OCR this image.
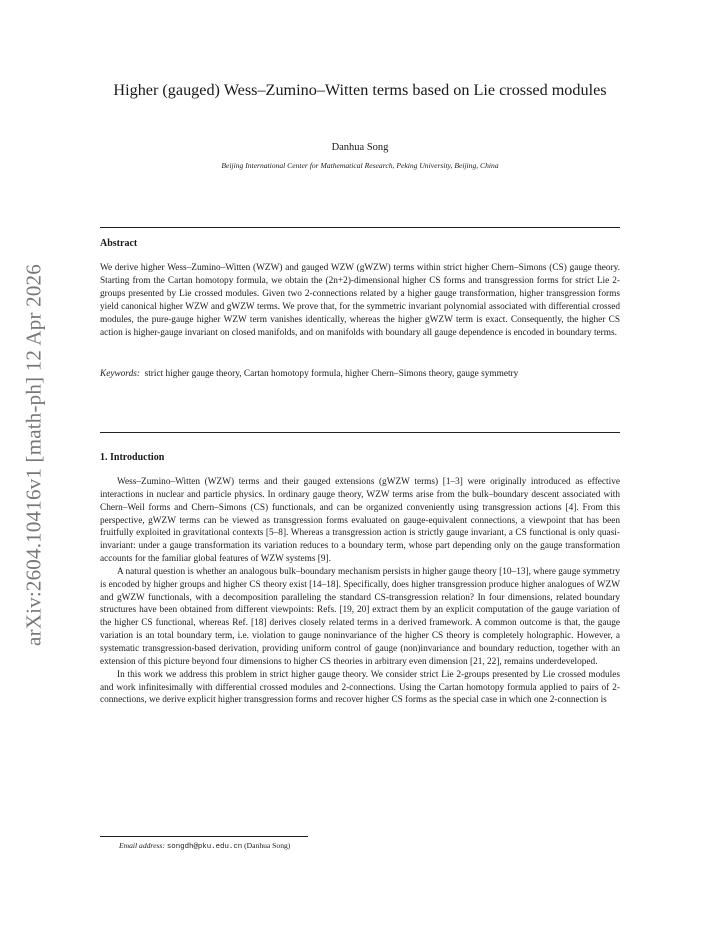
arXiv:2604.10416v1 [math-ph] 12 Apr 2026
Higher (gauged) Wess–Zumino–Witten terms based on Lie crossed modules
Danhua Song
Beijing International Center for Mathematical Research, Peking University, Beijing, China
Abstract
We derive higher Wess–Zumino–Witten (WZW) and gauged WZW (gWZW) terms within strict higher Chern–Simons (CS) gauge theory. Starting from the Cartan homotopy formula, we obtain the (2n+2)-dimensional higher CS forms and transgression forms for strict Lie 2-groups presented by Lie crossed modules. Given two 2-connections related by a higher gauge transformation, higher transgression forms yield canonical higher WZW and gWZW terms. We prove that, for the symmetric invariant polynomial associated with differential crossed modules, the pure-gauge higher WZW term vanishes identically, whereas the higher gWZW term is exact. Consequently, the higher CS action is higher-gauge invariant on closed manifolds, and on manifolds with boundary all gauge dependence is encoded in boundary terms.
Keywords: strict higher gauge theory, Cartan homotopy formula, higher Chern–Simons theory, gauge symmetry
1. Introduction

Wess–Zumino–Witten (WZW) terms and their gauged extensions (gWZW terms) [1–3] were originally introduced as effective interactions in nuclear and particle physics. In ordinary gauge theory, WZW terms arise from the bulk–boundary descent associated with Chern–Weil forms and Chern–Simons (CS) functionals, and can be organized conveniently using transgression actions [4]. From this perspective, gWZW terms can be viewed as transgression forms evaluated on gauge-equivalent connections, a viewpoint that has been fruitfully exploited in gravitational contexts [5–8]. Whereas a transgression action is strictly gauge invariant, a CS functional is only quasi-invariant: under a gauge transformation its variation reduces to a boundary term, whose part depending only on the gauge transformation accounts for the familiar global features of WZW systems [9].

A natural question is whether an analogous bulk–boundary mechanism persists in higher gauge theory [10–13], where gauge symmetry is encoded by higher groups and higher CS theory exist [14–18]. Specifically, does higher transgression produce higher analogues of WZW and gWZW functionals, with a decomposition paralleling the standard CS-transgression relation? In four dimensions, related boundary structures have been obtained from different viewpoints: Refs. [19, 20] extract them by an explicit computation of the gauge variation of the higher CS functional, whereas Ref. [18] derives closely related terms in a derived framework. A common outcome is that, the gauge variation is an total boundary term, i.e. violation to gauge noninvariance of the higher CS theory is completely holographic. However, a systematic transgression-based derivation, providing uniform control of gauge (non)invariance and boundary reduction, together with an extension of this picture beyond four dimensions to higher CS theories in arbitrary even dimension [21, 22], remains underdeveloped.

In this work we address this problem in strict higher gauge theory. We consider strict Lie 2-groups presented by Lie crossed modules and work infinitesimally with differential crossed modules and 2-connections. Using the Cartan homotopy formula applied to pairs of 2-connections, we derive explicit higher transgression forms and recover higher CS forms as the special case in which one 2-connection is

Email address: songdh@pku.edu.cn (Danhua Song)
